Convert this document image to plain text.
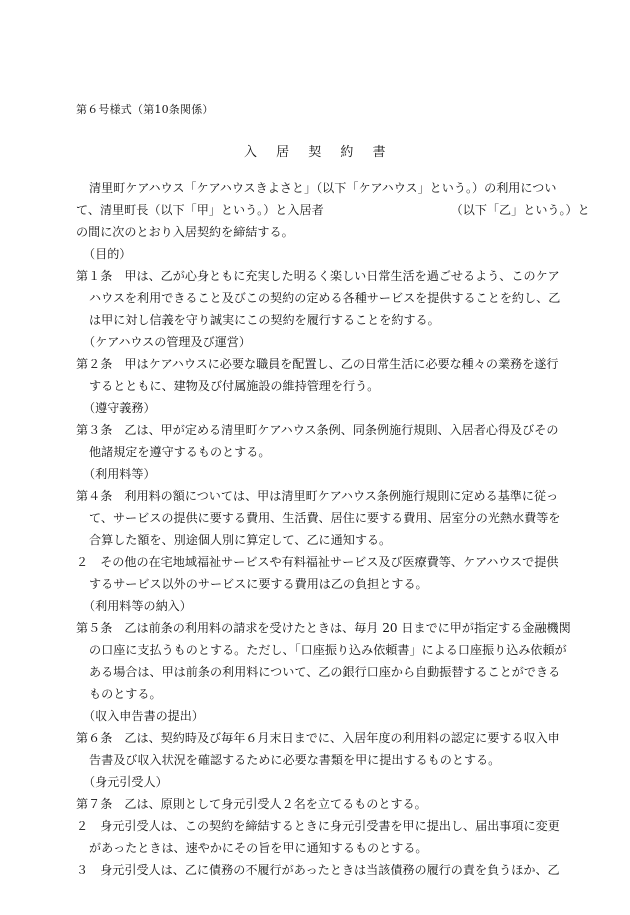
第６号様式（第10条関係）
入 居 契 約 書
清里町ケアハウス「ケアハウスきよさと」（以下「ケアハウス」という。）の利用につい
て、清里町長（以下「甲」という。）と入居者　　　　　　　　　　　（以下「乙」という。）と
の間に次のとおり入居契約を締結する。
（目的）
第１条　甲は、乙が心身ともに充実した明るく楽しい日常生活を過ごせるよう、このケア
ハウスを利用できること及びこの契約の定める各種サービスを提供することを約し、乙
は甲に対し信義を守り誠実にこの契約を履行することを約する。
（ケアハウスの管理及び運営）
第２条　甲はケアハウスに必要な職員を配置し、乙の日常生活に必要な種々の業務を遂行
するとともに、建物及び付属施設の維持管理を行う。
（遵守義務）
第３条　乙は、甲が定める清里町ケアハウス条例、同条例施行規則、入居者心得及びその
他諸規定を遵守するものとする。
（利用料等）
第４条　利用料の額については、甲は清里町ケアハウス条例施行規則に定める基準に従っ
て、サービスの提供に要する費用、生活費、居住に要する費用、居室分の光熱水費等を
合算した額を、別途個人別に算定して、乙に通知する。
２　その他の在宅地域福祉サービスや有料福祉サービス及び医療費等、ケアハウスで提供
するサービス以外のサービスに要する費用は乙の負担とする。
（利用料等の納入）
第５条　乙は前条の利用料の請求を受けたときは、毎月 20 日までに甲が指定する金融機関
の口座に支払うものとする。ただし、「口座振り込み依頼書」による口座振り込み依頼が
ある場合は、甲は前条の利用料について、乙の銀行口座から自動振替することができる
ものとする。
（収入申告書の提出）
第６条　乙は、契約時及び毎年６月末日までに、入居年度の利用料の認定に要する収入申
告書及び収入状況を確認するために必要な書類を甲に提出するものとする。
（身元引受人）
第７条　乙は、原則として身元引受人２名を立てるものとする。
２　身元引受人は、この契約を締結するときに身元引受書を甲に提出し、届出事項に変更
があったときは、速やかにその旨を甲に通知するものとする。
３　身元引受人は、乙に債務の不履行があったときは当該債務の履行の責を負うほか、乙
